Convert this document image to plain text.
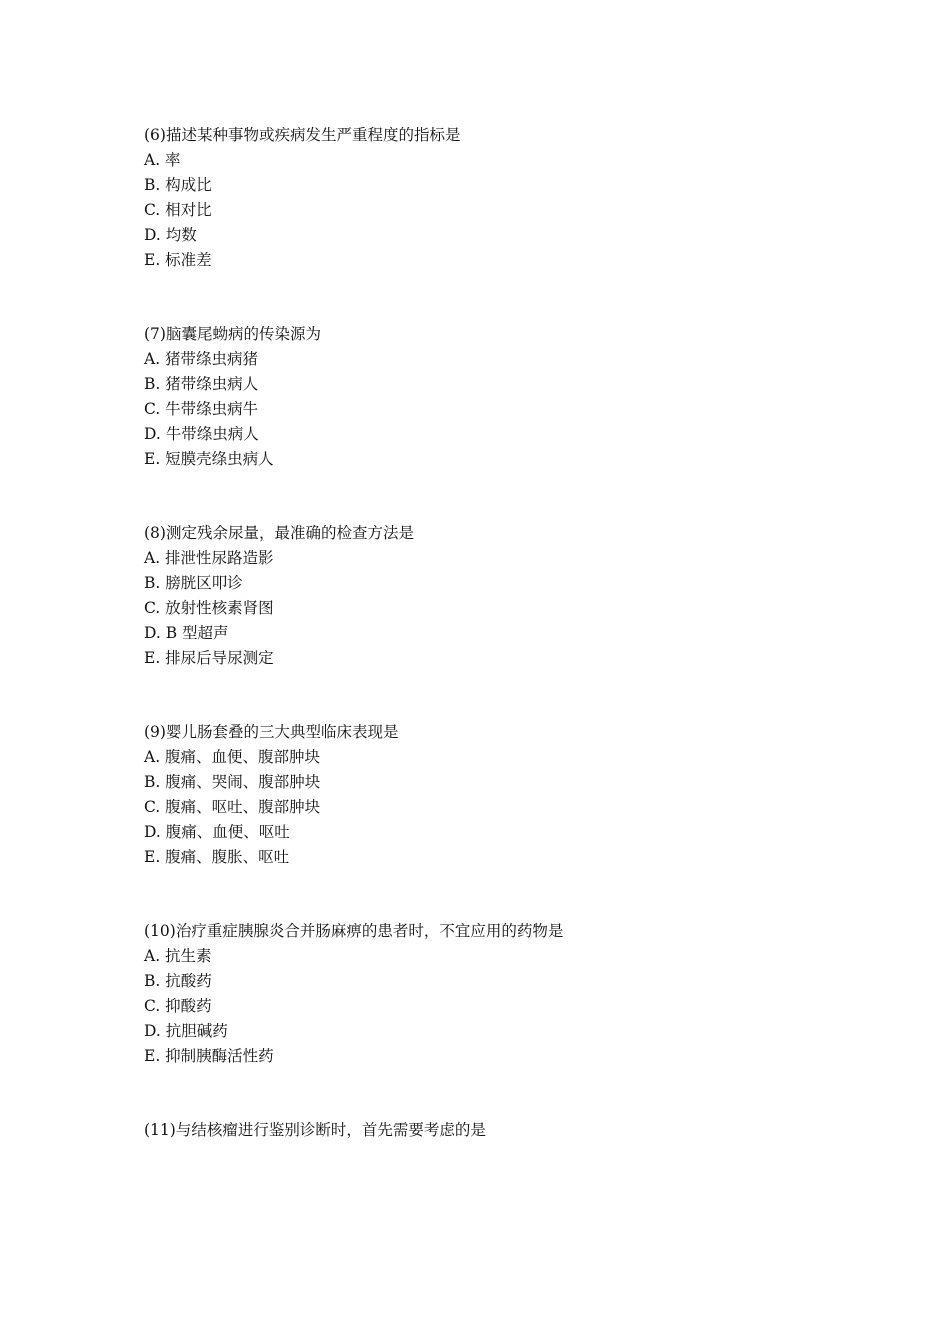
(6)描述某种事物或疾病发生严重程度的指标是
A. 率
B. 构成比
C. 相对比
D. 均数
E. 标准差
(7)脑囊尾蚴病的传染源为
A. 猪带绦虫病猪
B. 猪带绦虫病人
C. 牛带绦虫病牛
D. 牛带绦虫病人
E. 短膜壳绦虫病人
(8)测定残余尿量，最准确的检查方法是
A. 排泄性尿路造影
B. 膀胱区叩诊
C. 放射性核素肾图
D. B 型超声
E. 排尿后导尿测定
(9)婴儿肠套叠的三大典型临床表现是
A. 腹痛、血便、腹部肿块
B. 腹痛、哭闹、腹部肿块
C. 腹痛、呕吐、腹部肿块
D. 腹痛、血便、呕吐
E. 腹痛、腹胀、呕吐
(10)治疗重症胰腺炎合并肠麻痹的患者时，不宜应用的药物是
A. 抗生素
B. 抗酸药
C. 抑酸药
D. 抗胆碱药
E. 抑制胰酶活性药
(11)与结核瘤进行鉴别诊断时，首先需要考虑的是
